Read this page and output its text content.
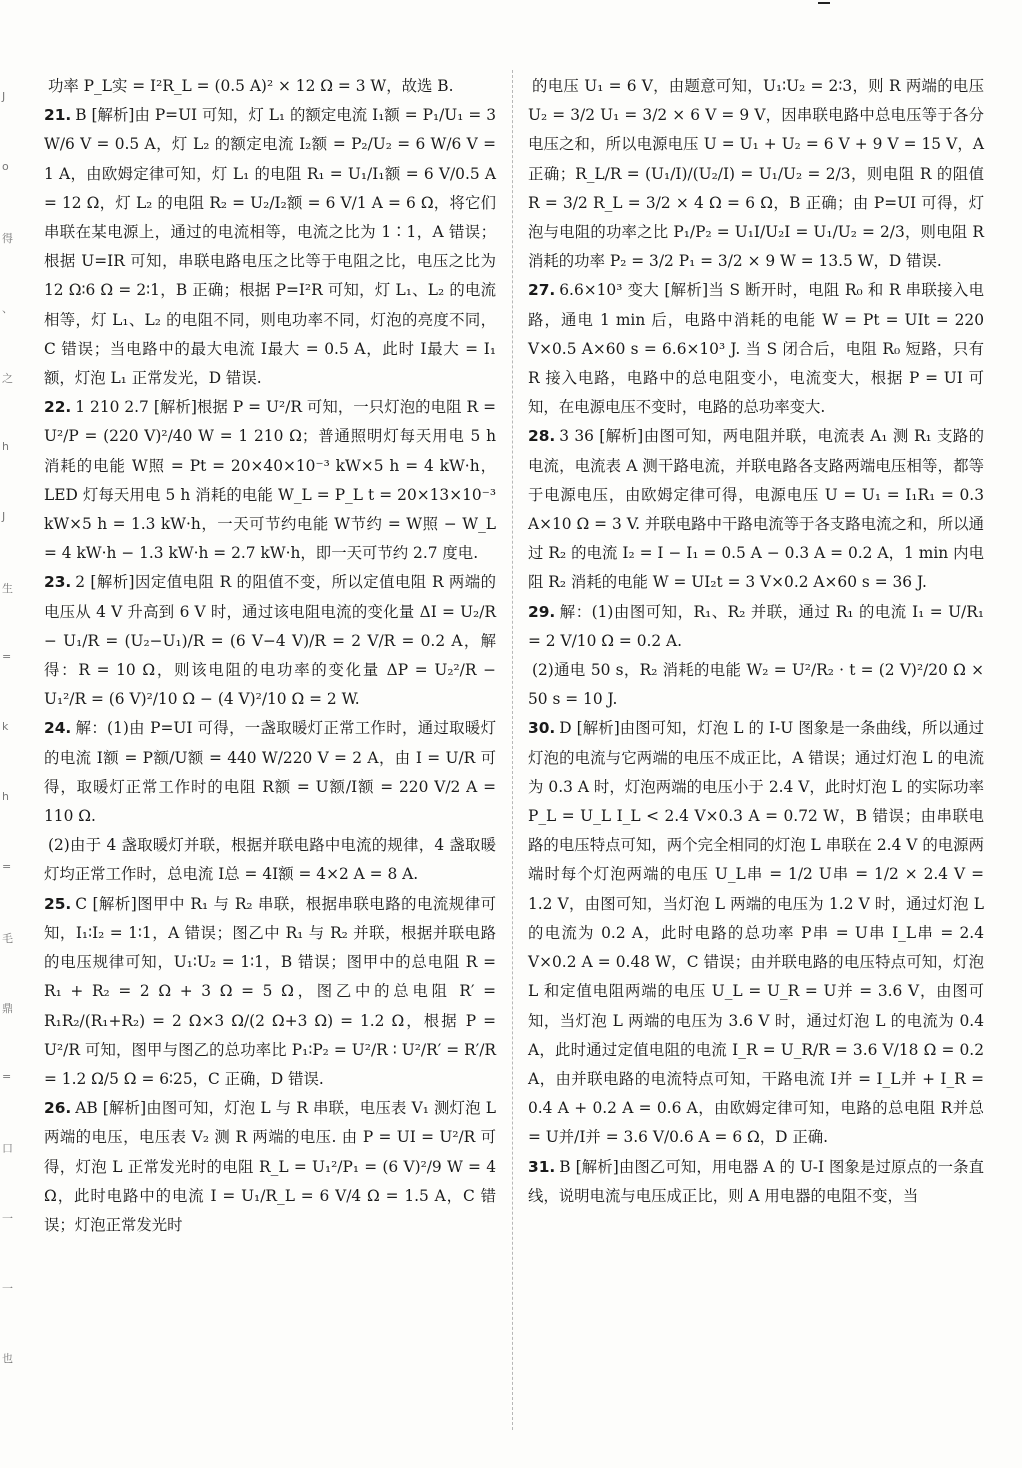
J
o
得
、
之
h
J
生
=
k
h
=
毛
鼎
=
口
一
一
也

功率 P_L实 = I²R_L = (0.5 A)² × 12 Ω = 3 W，故选 B.

21. B [解析]由 P=UI 可知，灯 L₁ 的额定电流 I₁额 = P₁/U₁ = 3 W/6 V = 0.5 A，灯 L₂ 的额定电流 I₂额 = P₂/U₂ = 6 W/6 V = 1 A，由欧姆定律可知，灯 L₁ 的电阻 R₁ = U₁/I₁额 = 6 V/0.5 A = 12 Ω，灯 L₂ 的电阻 R₂ = U₂/I₂额 = 6 V/1 A = 6 Ω，将它们串联在某电源上，通过的电流相等，电流之比为 1∶1，A 错误；根据 U=IR 可知，串联电路电压之比等于电阻之比，电压之比为 12 Ω∶6 Ω = 2∶1，B 正确；根据 P=I²R 可知，灯 L₁、L₂ 的电流相等，灯 L₁、L₂ 的电阻不同，则电功率不同，灯泡的亮度不同，C 错误；当电路中的最大电流 I最大 = 0.5 A，此时 I最大 = I₁额，灯泡 L₁ 正常发光，D 错误.

22. 1 210 2.7 [解析]根据 P = U²/R 可知，一只灯泡的电阻 R = U²/P = (220 V)²/40 W = 1 210 Ω；普通照明灯每天用电 5 h 消耗的电能 W照 = Pt = 20×40×10⁻³ kW×5 h = 4 kW·h，LED 灯每天用电 5 h 消耗的电能 W_L = P_L t = 20×13×10⁻³ kW×5 h = 1.3 kW·h，一天可节约电能 W节约 = W照 − W_L = 4 kW·h − 1.3 kW·h = 2.7 kW·h，即一天可节约 2.7 度电.

23. 2 [解析]因定值电阻 R 的阻值不变，所以定值电阻 R 两端的电压从 4 V 升高到 6 V 时，通过该电阻电流的变化量 ΔI = U₂/R − U₁/R = (U₂−U₁)/R = (6 V−4 V)/R = 2 V/R = 0.2 A，解得：R = 10 Ω，则该电阻的电功率的变化量 ΔP = U₂²/R − U₁²/R = (6 V)²/10 Ω − (4 V)²/10 Ω = 2 W.

24. 解：(1)由 P=UI 可得，一盏取暖灯正常工作时，通过取暖灯的电流 I额 = P额/U额 = 440 W/220 V = 2 A，由 I = U/R 可得，取暖灯正常工作时的电阻 R额 = U额/I额 = 220 V/2 A = 110 Ω.

(2)由于 4 盏取暖灯并联，根据并联电路中电流的规律，4 盏取暖灯均正常工作时，总电流 I总 = 4I额 = 4×2 A = 8 A.

25. C [解析]图甲中 R₁ 与 R₂ 串联，根据串联电路的电流规律可知，I₁∶I₂ = 1∶1，A 错误；图乙中 R₁ 与 R₂ 并联，根据并联电路的电压规律可知，U₁∶U₂ = 1∶1，B 错误；图甲中的总电阻 R = R₁ + R₂ = 2 Ω + 3 Ω = 5 Ω，图乙中的总电阻 R′ = R₁R₂/(R₁+R₂) = 2 Ω×3 Ω/(2 Ω+3 Ω) = 1.2 Ω，根据 P = U²/R 可知，图甲与图乙的总功率比 P₁∶P₂ = U²/R ∶ U²/R′ = R′/R = 1.2 Ω/5 Ω = 6∶25，C 正确，D 错误.

26. AB [解析]由图可知，灯泡 L 与 R 串联，电压表 V₁ 测灯泡 L 两端的电压，电压表 V₂ 测 R 两端的电压. 由 P = UI = U²/R 可得，灯泡 L 正常发光时的电阻 R_L = U₁²/P₁ = (6 V)²/9 W = 4 Ω，此时电路中的电流 I = U₁/R_L = 6 V/4 Ω = 1.5 A，C 错误；灯泡正常发光时

的电压 U₁ = 6 V，由题意可知，U₁∶U₂ = 2∶3，则 R 两端的电压 U₂ = 3/2 U₁ = 3/2 × 6 V = 9 V，因串联电路中总电压等于各分电压之和，所以电源电压 U = U₁ + U₂ = 6 V + 9 V = 15 V，A 正确；R_L/R = (U₁/I)/(U₂/I) = U₁/U₂ = 2/3，则电阻 R 的阻值 R = 3/2 R_L = 3/2 × 4 Ω = 6 Ω，B 正确；由 P=UI 可得，灯泡与电阻的功率之比 P₁/P₂ = U₁I/U₂I = U₁/U₂ = 2/3，则电阻 R 消耗的功率 P₂ = 3/2 P₁ = 3/2 × 9 W = 13.5 W，D 错误.

27. 6.6×10³ 变大 [解析]当 S 断开时，电阻 R₀ 和 R 串联接入电路，通电 1 min 后，电路中消耗的电能 W = Pt = UIt = 220 V×0.5 A×60 s = 6.6×10³ J. 当 S 闭合后，电阻 R₀ 短路，只有 R 接入电路，电路中的总电阻变小，电流变大，根据 P = UI 可知，在电源电压不变时，电路的总功率变大.

28. 3 36 [解析]由图可知，两电阻并联，电流表 A₁ 测 R₁ 支路的电流，电流表 A 测干路电流，并联电路各支路两端电压相等，都等于电源电压，由欧姆定律可得，电源电压 U = U₁ = I₁R₁ = 0.3 A×10 Ω = 3 V. 并联电路中干路电流等于各支路电流之和，所以通过 R₂ 的电流 I₂ = I − I₁ = 0.5 A − 0.3 A = 0.2 A，1 min 内电阻 R₂ 消耗的电能 W = UI₂t = 3 V×0.2 A×60 s = 36 J.

29. 解：(1)由图可知，R₁、R₂ 并联，通过 R₁ 的电流 I₁ = U/R₁ = 2 V/10 Ω = 0.2 A.

(2)通电 50 s，R₂ 消耗的电能 W₂ = U²/R₂ · t = (2 V)²/20 Ω × 50 s = 10 J.

30. D [解析]由图可知，灯泡 L 的 I-U 图象是一条曲线，所以通过灯泡的电流与它两端的电压不成正比，A 错误；通过灯泡 L 的电流为 0.3 A 时，灯泡两端的电压小于 2.4 V，此时灯泡 L 的实际功率 P_L = U_L I_L < 2.4 V×0.3 A = 0.72 W，B 错误；由串联电路的电压特点可知，两个完全相同的灯泡 L 串联在 2.4 V 的电源两端时每个灯泡两端的电压 U_L串 = 1/2 U串 = 1/2 × 2.4 V = 1.2 V，由图可知，当灯泡 L 两端的电压为 1.2 V 时，通过灯泡 L 的电流为 0.2 A，此时电路的总功率 P串 = U串 I_L串 = 2.4 V×0.2 A = 0.48 W，C 错误；由并联电路的电压特点可知，灯泡 L 和定值电阻两端的电压 U_L = U_R = U并 = 3.6 V，由图可知，当灯泡 L 两端的电压为 3.6 V 时，通过灯泡 L 的电流为 0.4 A，此时通过定值电阻的电流 I_R = U_R/R = 3.6 V/18 Ω = 0.2 A，由并联电路的电流特点可知，干路电流 I并 = I_L并 + I_R = 0.4 A + 0.2 A = 0.6 A，由欧姆定律可知，电路的总电阻 R并总 = U并/I并 = 3.6 V/0.6 A = 6 Ω，D 正确.

31. B [解析]由图乙可知，用电器 A 的 U-I 图象是过原点的一条直线，说明电流与电压成正比，则 A 用电器的电阻不变，当
